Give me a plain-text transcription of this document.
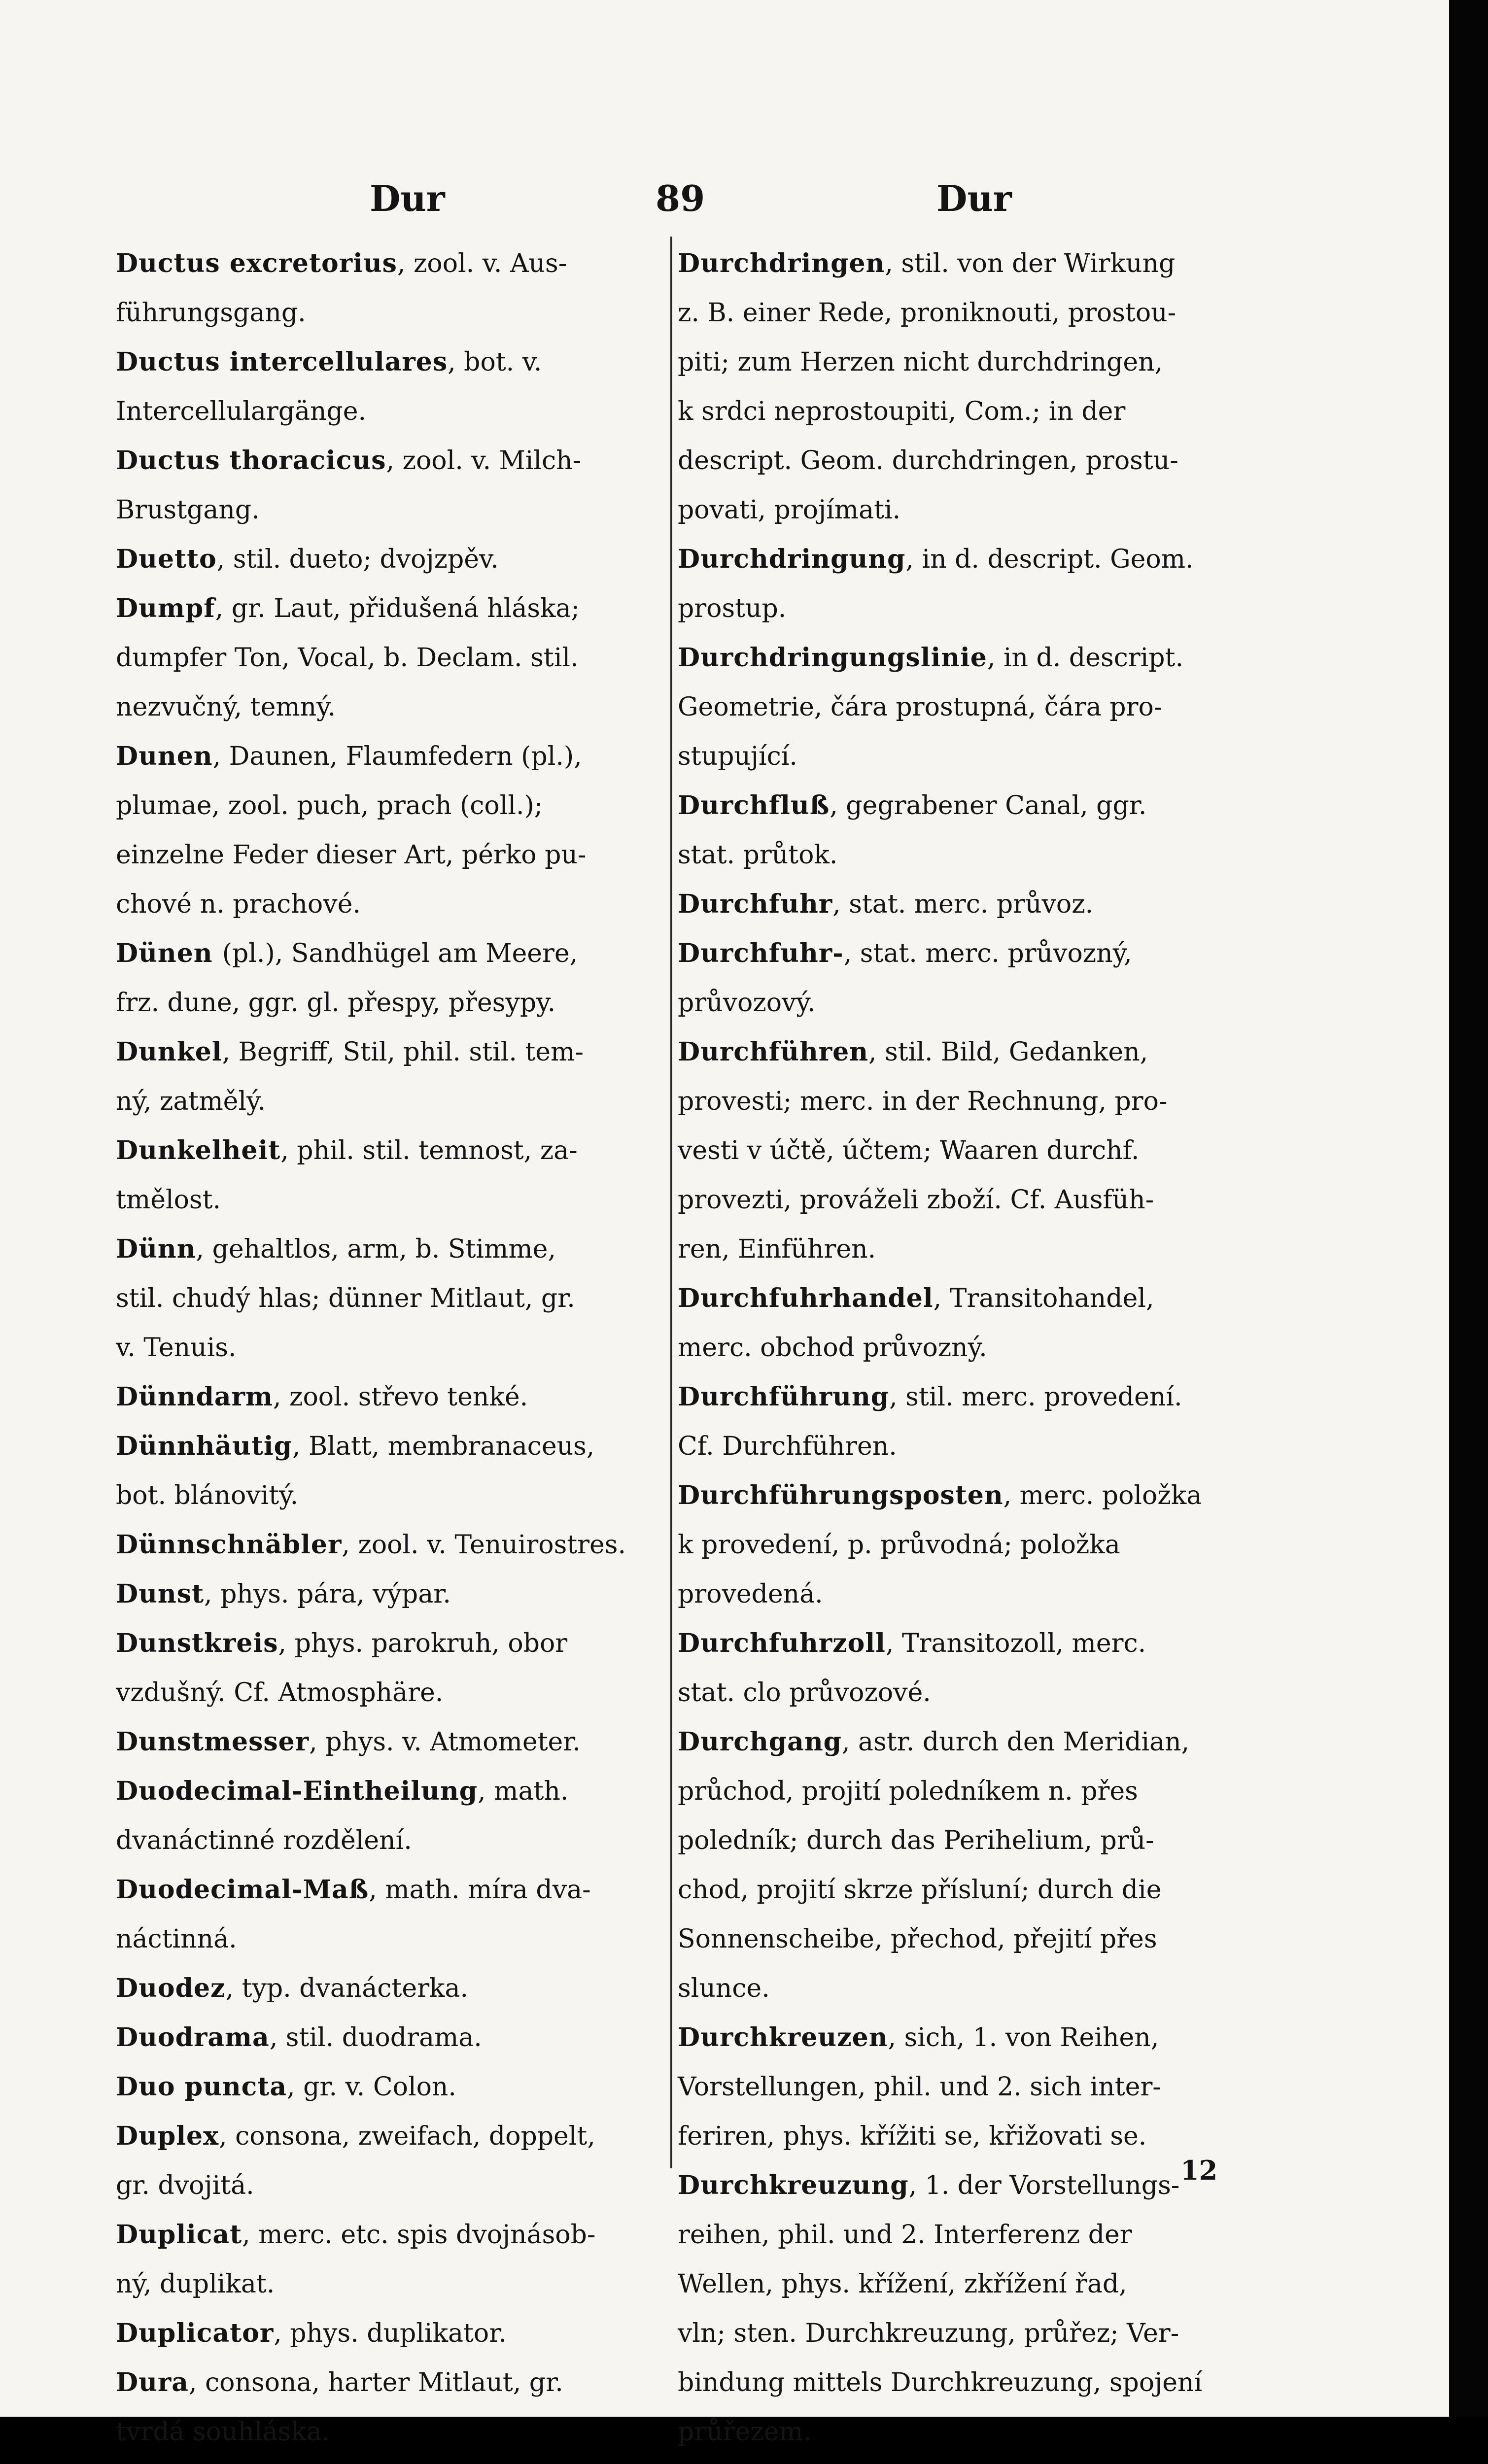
Dur	89	Dur
Ductus excretorius, zool. v. Aus-
führungsgang.
Ductus intercellulares, bot. v.
Intercellulargänge.
Ductus thoracicus, zool. v. Milch-
Brustgang.
Duetto, stil. dueto; dvojzpěv.
Dumpf, gr. Laut, přidušená hláska;
dumpfer Ton, Vocal, b. Declam. stil.
nezvučný, temný.
Dunen, Daunen, Flaumfedern (pl.),
plumae, zool. puch, prach (coll.);
einzelne Feder dieser Art, pérko pu-
chové n. prachové.
Dünen (pl.), Sandhügel am Meere,
frz. dune, ggr. gl. přespy, přesypy.
Dunkel, Begriff, Stil, phil. stil. tem-
ný, zatmělý.
Dunkelheit, phil. stil. temnost, za-
tmělost.
Dünn, gehaltlos, arm, b. Stimme,
stil. chudý hlas; dünner Mitlaut, gr.
v. Tenuis.
Dünndarm, zool. střevo tenké.
Dünnhäutig, Blatt, membranaceus,
bot. blánovitý.
Dünnschnäbler, zool. v. Tenuirostres.
Dunst, phys. pára, výpar.
Dunstkreis, phys. parokruh, obor
vzdušný. Cf. Atmosphäre.
Dunstmesser, phys. v. Atmometer.
Duodecimal-Eintheilung, math.
dvanáctinné rozdělení.
Duodecimal-Maß, math. míra dva-
náctinná.
Duodez, typ. dvanácterka.
Duodrama, stil. duodrama.
Duo puncta, gr. v. Colon.
Duplex, consona, zweifach, doppelt,
gr. dvojitá.
Duplicat, merc. etc. spis dvojnásob-
ný, duplikat.
Duplicator, phys. duplikator.
Dura, consona, harter Mitlaut, gr.
tvrdá souhláska.
Durchdringen, stil. von der Wirkung
z. B. einer Rede, proniknouti, prostou-
piti; zum Herzen nicht durchdringen,
k srdci neprostoupiti, Com.; in der
descript. Geom. durchdringen, prostu-
povati, projímati.
Durchdringung, in d. descript. Geom.
prostup.
Durchdringungslinie, in d. descript.
Geometrie, čára prostupná, čára pro-
stupující.
Durchfluß, gegrabener Canal, ggr.
stat. průtok.
Durchfuhr, stat. merc. průvoz.
Durchfuhr-, stat. merc. průvozný,
průvozový.
Durchführen, stil. Bild, Gedanken,
provesti; merc. in der Rechnung, pro-
vesti v účtě, účtem; Waaren durchf.
provezti, prováželi zboží. Cf. Ausfüh-
ren, Einführen.
Durchfuhrhandel, Transitohandel,
merc. obchod průvozný.
Durchführung, stil. merc. provedení.
Cf. Durchführen.
Durchführungsposten, merc. položka
k provedení, p. průvodná; položka
provedená.
Durchfuhrzoll, Transitozoll, merc.
stat. clo průvozové.
Durchgang, astr. durch den Meridian,
průchod, projití poledníkem n. přes
poledník; durch das Perihelium, prů-
chod, projití skrze přísluní; durch die
Sonnenscheibe, přechod, přejití přes
slunce.
Durchkreuzen, sich, 1. von Reihen,
Vorstellungen, phil. und 2. sich inter-
feriren, phys. křížiti se, křižovati se.
Durchkreuzung, 1. der Vorstellungs-
reihen, phil. und 2. Interferenz der
Wellen, phys. křížení, zkřížení řad,
vln; sten. Durchkreuzung, průřez; Ver-
bindung mittels Durchkreuzung, spojení
průřezem.
12
